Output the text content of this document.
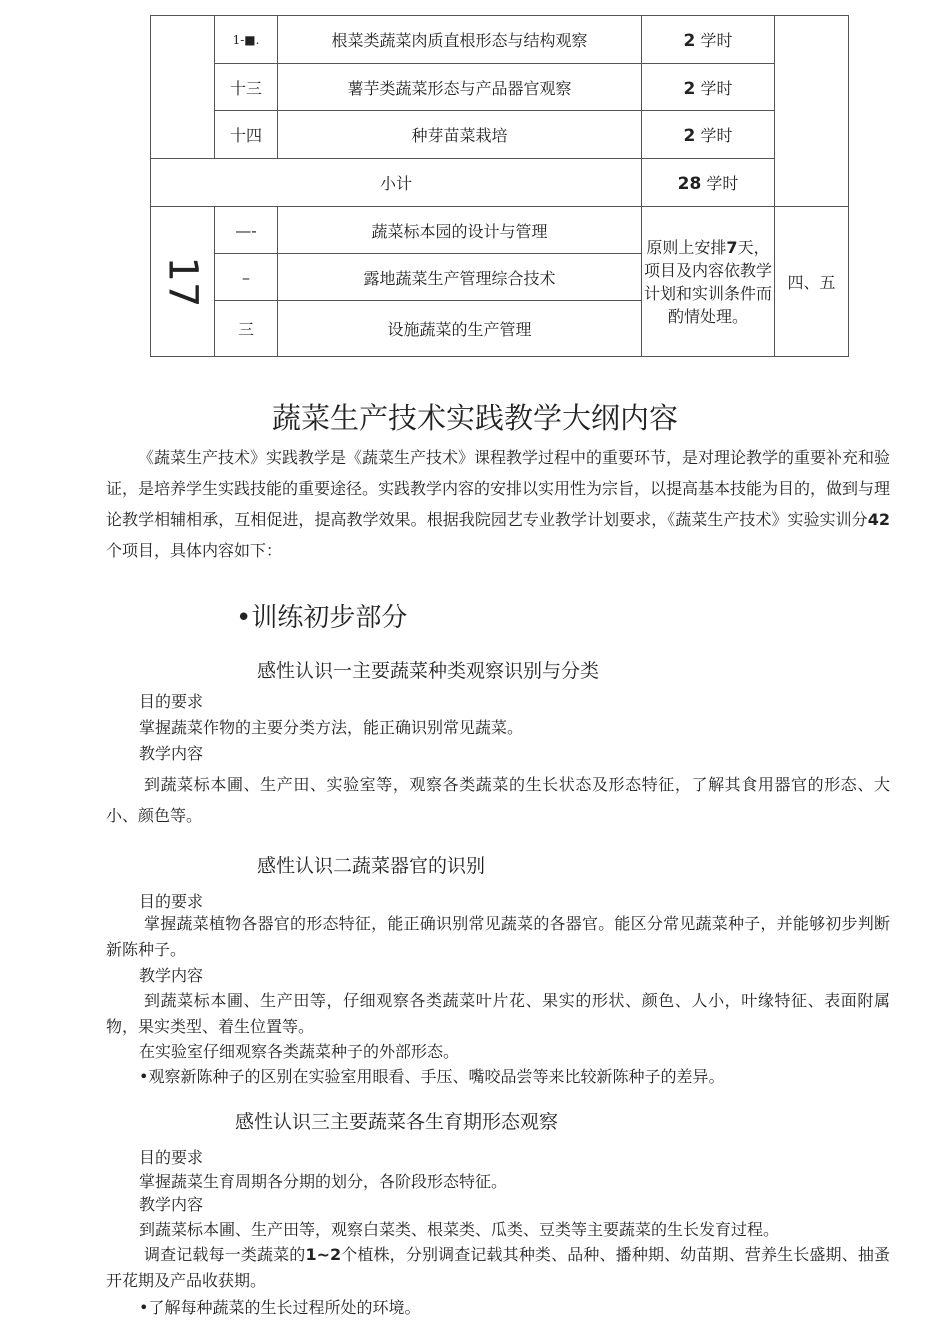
	1-■.	根菜类蔬菜肉质直根形态与结构观察	2 学时	
	十三	薯芋类蔬菜形态与产品器官观察	2 学时	
	十四	种芽苗菜栽培	2 学时	
小计			28 学时	
17	—-	蔬菜标本园的设计与管理	原则上安排7天，项目及内容依教学计划和实训条件而酌情处理。	四、五
	–	露地蔬菜生产管理综合技术		
	三	设施蔬菜的生产管理		
蔬菜生产技术实践教学大纲内容
《蔬菜生产技术》实践教学是《蔬菜生产技术》课程教学过程中的重要环节，是对理论教学的重要补充和验证，是培养学生实践技能的重要途径。实践教学内容的安排以实用性为宗旨，以提高基本技能为目的，做到与理论教学相辅相承，互相促进，提高教学效果。根据我院园艺专业教学计划要求，《蔬菜生产技术》实验实训分42个项目，具体内容如下：
•训练初步部分
感性认识一主要蔬菜种类观察识别与分类
目的要求
掌握蔬菜作物的主要分类方法，能正确识别常见蔬菜。
教学内容
到蔬菜标本圃、生产田、实验室等，观察各类蔬菜的生长状态及形态特征，了解其食用器官的形态、大小、颜色等。
感性认识二蔬菜器官的识别
目的要求
掌握蔬菜植物各器官的形态特征，能正确识别常见蔬菜的各器官。能区分常见蔬菜种子，并能够初步判断新陈种子。
教学内容
到蔬菜标本圃、生产田等，仔细观察各类蔬菜叶片花、果实的形状、颜色、人小，叶缘特征、表面附属物，果实类型、着生位置等。
在实验室仔细观察各类蔬菜种子的外部形态。
•观察新陈种子的区别在实验室用眼看、手压、嘴咬品尝等来比较新陈种子的差异。
感性认识三主要蔬菜各生育期形态观察
目的要求
掌握蔬菜生育周期各分期的划分，各阶段形态特征。
教学内容
到蔬菜标本圃、生产田等，观察白菜类、根菜类、瓜类、豆类等主要蔬菜的生长发育过程。
调查记载每一类蔬菜的1~2个植株，分别调查记载其种类、品种、播种期、幼苗期、营养生长盛期、抽蚤开花期及产品收获期。
•了解每种蔬菜的生长过程所处的环境。
